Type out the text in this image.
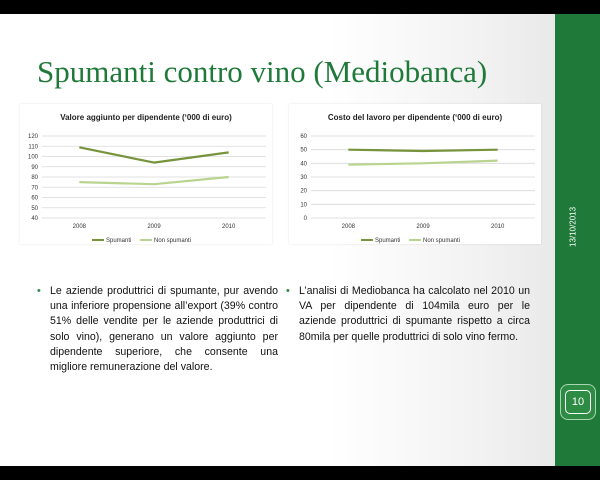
Spumanti contro vino (Mediobanca)
Valore aggiunto per dipendente (‘000 di euro)
40
50
60
70
80
90
100
110
120
2008	2009	2010
Spumanti	Non spumanti
Costo del lavoro per dipendente (‘000 di euro)
0
10
20
30
40
50
60
2008	2009	2010
Spumanti	Non spumanti
• Le aziende produttrici di spumante, pur avendo una inferiore propensione all’export (39% contro 51% delle vendite per le aziende produttrici di solo vino), generano un valore aggiunto per dipendente superiore, che consente una migliore remunerazione del valore.
• L’analisi di Mediobanca ha calcolato nel 2010 un VA per dipendente di 104mila euro per le aziende produttrici di spumante rispetto a circa 80mila per quelle produttrici di solo vino fermo.
13/10/2013
10
